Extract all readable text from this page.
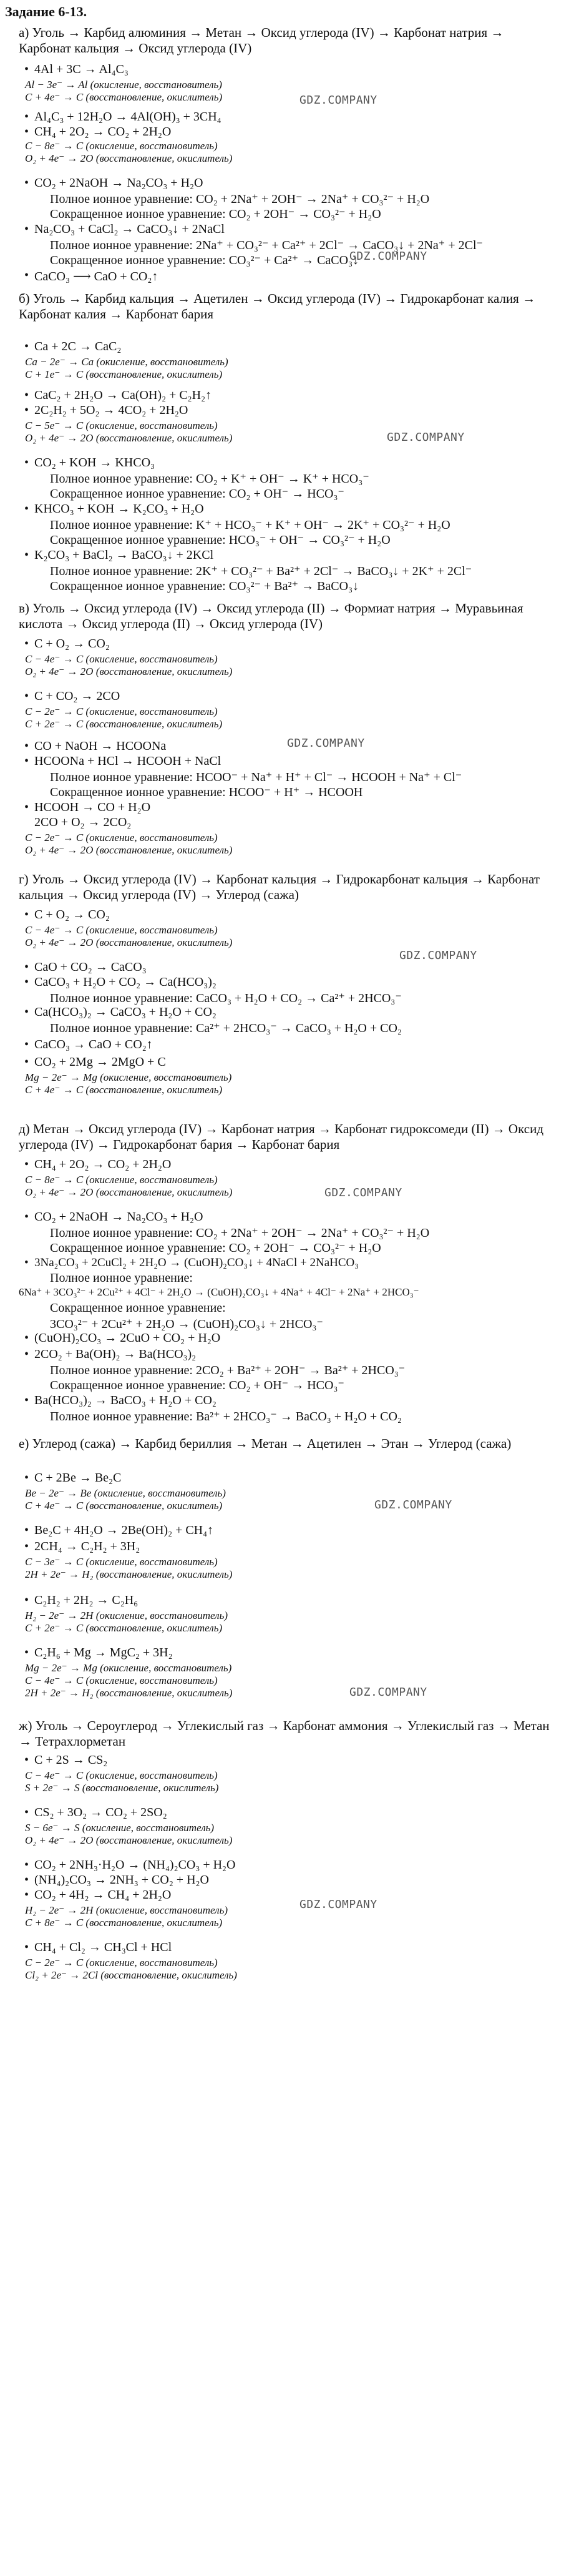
Задание 6-13.
а) Уголь → Карбид алюминия → Метан → Оксид углерода (IV) → Карбонат натрия → Карбонат кальция → Оксид углерода (IV)
• 4Al + 3C → Al₄C₃
Al − 3e⁻ → Al (окисление, восстановитель)
C + 4e⁻ → C (восстановление, окислитель)
• Al₄C₃ + 12H₂O → 4Al(OH)₃ + 3CH₄
• CH₄ + 2O₂ → CO₂ + 2H₂O
C − 8e⁻ → C (окисление, восстановитель)
O₂ + 4e⁻ → 2O (восстановление, окислитель)
• CO₂ + 2NaOH → Na₂CO₃ + H₂O
Полное ионное уравнение: CO₂ + 2Na⁺ + 2OH⁻ → 2Na⁺ + CO₃²⁻ + H₂O
Сокращенное ионное уравнение: CO₂ + 2OH⁻ → CO₃²⁻ + H₂O
• Na₂CO₃ + CaCl₂ → CaCO₃↓ + 2NaCl
Полное ионное уравнение: 2Na⁺ + CO₃²⁻ + Ca²⁺ + 2Cl⁻ → CaCO₃↓ + 2Na⁺ + 2Cl⁻
Сокращенное ионное уравнение: CO₃²⁻ + Ca²⁺ → CaCO₃↓
• CaCO₃ ⟶ CaO + CO₂↑
б) Уголь → Карбид кальция → Ацетилен → Оксид углерода (IV) → Гидрокарбонат калия → Карбонат калия → Карбонат бария
• Ca + 2C → CaC₂
Ca − 2e⁻ → Ca (окисление, восстановитель)
C + 1e⁻ → C (восстановление, окислитель)
• CaC₂ + 2H₂O → Ca(OH)₂ + C₂H₂↑
• 2C₂H₂ + 5O₂ → 4CO₂ + 2H₂O
C − 5e⁻ → C (окисление, восстановитель)
O₂ + 4e⁻ → 2O (восстановление, окислитель)
• CO₂ + KOH → KHCO₃
Полное ионное уравнение: CO₂ + K⁺ + OH⁻ → K⁺ + HCO₃⁻
Сокращенное ионное уравнение: CO₂ + OH⁻ → HCO₃⁻
• KHCO₃ + KOH → K₂CO₃ + H₂O
Полное ионное уравнение: K⁺ + HCO₃⁻ + K⁺ + OH⁻ → 2K⁺ + CO₃²⁻ + H₂O
Сокращенное ионное уравнение: HCO₃⁻ + OH⁻ → CO₃²⁻ + H₂O
• K₂CO₃ + BaCl₂ → BaCO₃↓ + 2KCl
Полное ионное уравнение: 2K⁺ + CO₃²⁻ + Ba²⁺ + 2Cl⁻ → BaCO₃↓ + 2K⁺ + 2Cl⁻
Сокращенное ионное уравнение: CO₃²⁻ + Ba²⁺ → BaCO₃↓
в) Уголь → Оксид углерода (IV) → Оксид углерода (II) → Формиат натрия → Муравьиная кислота → Оксид углерода (II) → Оксид углерода (IV)
• C + O₂ → CO₂
C − 4e⁻ → C (окисление, восстановитель)
O₂ + 4e⁻ → 2O (восстановление, окислитель)
• C + CO₂ → 2CO
C − 2e⁻ → C (окисление, восстановитель)
C + 2e⁻ → C (восстановление, окислитель)
• CO + NaOH → HCOONa
• HCOONa + HCl → HCOOH + NaCl
Полное ионное уравнение: HCOO⁻ + Na⁺ + H⁺ + Cl⁻ → HCOOH + Na⁺ + Cl⁻
Сокращенное ионное уравнение: HCOO⁻ + H⁺ → HCOOH
• HCOOH → CO + H₂O
2CO + O₂ → 2CO₂
C − 2e⁻ → C (окисление, восстановитель)
O₂ + 4e⁻ → 2O (восстановление, окислитель)
г) Уголь → Оксид углерода (IV) → Карбонат кальция → Гидрокарбонат кальция → Карбонат кальция → Оксид углерода (IV) → Углерод (сажа)
• C + O₂ → CO₂
C − 4e⁻ → C (окисление, восстановитель)
O₂ + 4e⁻ → 2O (восстановление, окислитель)
• CaO + CO₂ → CaCO₃
• CaCO₃ + H₂O + CO₂ → Ca(HCO₃)₂
Полное ионное уравнение: CaCO₃ + H₂O + CO₂ → Ca²⁺ + 2HCO₃⁻
• Ca(HCO₃)₂ → CaCO₃ + H₂O + CO₂
Полное ионное уравнение: Ca²⁺ + 2HCO₃⁻ → CaCO₃ + H₂O + CO₂
• CaCO₃ → CaO + CO₂↑
• CO₂ + 2Mg → 2MgO + C
Mg − 2e⁻ → Mg (окисление, восстановитель)
C + 4e⁻ → C (восстановление, окислитель)
д) Метан → Оксид углерода (IV) → Карбонат натрия → Карбонат гидроксомеди (II) → Оксид углерода (IV) → Гидрокарбонат бария → Карбонат бария
• CH₄ + 2O₂ → CO₂ + 2H₂O
C − 8e⁻ → C (окисление, восстановитель)
O₂ + 4e⁻ → 2O (восстановление, окислитель)
• CO₂ + 2NaOH → Na₂CO₃ + H₂O
Полное ионное уравнение: CO₂ + 2Na⁺ + 2OH⁻ → 2Na⁺ + CO₃²⁻ + H₂O
Сокращенное ионное уравнение: CO₂ + 2OH⁻ → CO₃²⁻ + H₂O
• 3Na₂CO₃ + 2CuCl₂ + 2H₂O → (CuOH)₂CO₃↓ + 4NaCl + 2NaHCO₃
Полное ионное уравнение:
6Na⁺ + 3CO₃²⁻ + 2Cu²⁺ + 4Cl⁻ + 2H₂O → (CuOH)₂CO₃↓ + 4Na⁺ + 4Cl⁻ + 2Na⁺ + 2HCO₃⁻
Сокращенное ионное уравнение:
3CO₃²⁻ + 2Cu²⁺ + 2H₂O → (CuOH)₂CO₃↓ + 2HCO₃⁻
• (CuOH)₂CO₃ → 2CuO + CO₂ + H₂O
• 2CO₂ + Ba(OH)₂ → Ba(HCO₃)₂
Полное ионное уравнение: 2CO₂ + Ba²⁺ + 2OH⁻ → Ba²⁺ + 2HCO₃⁻
Сокращенное ионное уравнение: CO₂ + OH⁻ → HCO₃⁻
• Ba(HCO₃)₂ → BaCO₃ + H₂O + CO₂
Полное ионное уравнение: Ba²⁺ + 2HCO₃⁻ → BaCO₃ + H₂O + CO₂
е) Углерод (сажа) → Карбид бериллия → Метан → Ацетилен → Этан → Углерод (сажа)
• C + 2Be → Be₂C
Be − 2e⁻ → Be (окисление, восстановитель)
C + 4e⁻ → C (восстановление, окислитель)
• Be₂C + 4H₂O → 2Be(OH)₂ + CH₄↑
• 2CH₄ → C₂H₂ + 3H₂
C − 3e⁻ → C (окисление, восстановитель)
2H + 2e⁻ → H₂ (восстановление, окислитель)
• C₂H₂ + 2H₂ → C₂H₆
H₂ − 2e⁻ → 2H (окисление, восстановитель)
C + 2e⁻ → C (восстановление, окислитель)
• C₂H₆ + Mg → MgC₂ + 3H₂
Mg − 2e⁻ → Mg (окисление, восстановитель)
C − 4e⁻ → C (окисление, восстановитель)
2H + 2e⁻ → H₂ (восстановление, окислитель)
ж) Уголь → Сероуглерод → Углекислый газ → Карбонат аммония → Углекислый газ → Метан → Тетрахлорметан
• C + 2S → CS₂
C − 4e⁻ → C (окисление, восстановитель)
S + 2e⁻ → S (восстановление, окислитель)
• CS₂ + 3O₂ → CO₂ + 2SO₂
S − 6e⁻ → S (окисление, восстановитель)
O₂ + 4e⁻ → 2O (восстановление, окислитель)
• CO₂ + 2NH₃·H₂O → (NH₄)₂CO₃ + H₂O
• (NH₄)₂CO₃ → 2NH₃ + CO₂ + H₂O
• CO₂ + 4H₂ → CH₄ + 2H₂O
H₂ − 2e⁻ → 2H (окисление, восстановитель)
C + 8e⁻ → C (восстановление, окислитель)
• CH₄ + Cl₂ → CH₃Cl + HCl
C − 2e⁻ → C (окисление, восстановитель)
Cl₂ + 2e⁻ → 2Cl (восстановление, окислитель)
GDZ.COMPANY
GDZ.COMPANY
GDZ.COMPANY
GDZ.COMPANY
GDZ.COMPANY
GDZ.COMPANY
GDZ.COMPANY
GDZ.COMPANY
GDZ.COMPANY
